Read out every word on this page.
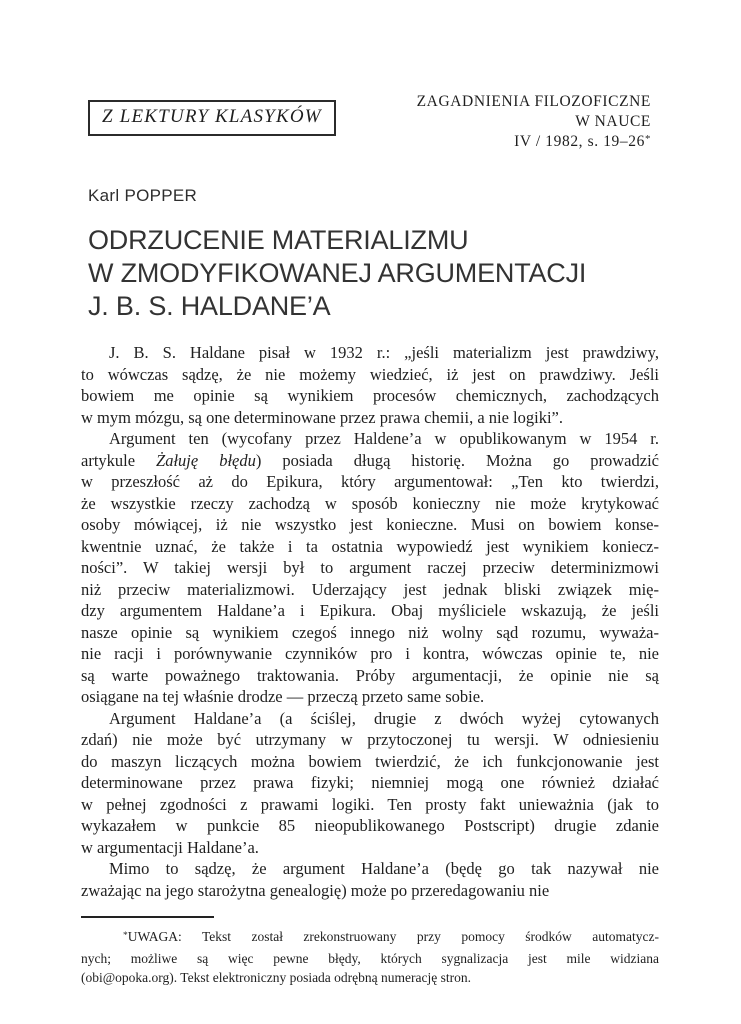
Z LEKTURY KLASYKÓW
ZAGADNIENIA FILOZOFICZNE
W NAUCE
IV / 1982, s. 19–26*
Karl POPPER
ODRZUCENIE MATERIALIZMU
W ZMODYFIKOWANEJ ARGUMENTACJI
J. B. S. HALDANE’A
J. B. S. Haldane pisał w 1932 r.: „jeśli materializm jest prawdziwy,
to wówczas sądzę, że nie możemy wiedzieć, iż jest on prawdziwy. Jeśli
bowiem me opinie są wynikiem procesów chemicznych, zachodzących
w mym mózgu, są one determinowane przez prawa chemii, a nie logiki”.
Argument ten (wycofany przez Haldene’a w opublikowanym w 1954 r.
artykule Żałuję błędu) posiada długą historię. Można go prowadzić
w przeszłość aż do Epikura, który argumentował: „Ten kto twierdzi,
że wszystkie rzeczy zachodzą w sposób konieczny nie może krytykować
osoby mówiącej, iż nie wszystko jest konieczne. Musi on bowiem konse-
kwentnie uznać, że także i ta ostatnia wypowiedź jest wynikiem koniecz-
ności”. W takiej wersji był to argument raczej przeciw determinizmowi
niż przeciw materializmowi. Uderzający jest jednak bliski związek mię-
dzy argumentem Haldane’a i Epikura. Obaj myśliciele wskazują, że jeśli
nasze opinie są wynikiem czegoś innego niż wolny sąd rozumu, wyważa-
nie racji i porównywanie czynników pro i kontra, wówczas opinie te, nie
są warte poważnego traktowania. Próby argumentacji, że opinie nie są
osiągane na tej właśnie drodze — przeczą przeto same sobie.
Argument Haldane’a (a ściślej, drugie z dwóch wyżej cytowanych
zdań) nie może być utrzymany w przytoczonej tu wersji. W odniesieniu
do maszyn liczących można bowiem twierdzić, że ich funkcjonowanie jest
determinowane przez prawa fizyki; niemniej mogą one również działać
w pełnej zgodności z prawami logiki. Ten prosty fakt unieważnia (jak to
wykazałem w punkcie 85 nieopublikowanego Postscript) drugie zdanie
w argumentacji Haldane’a.
Mimo to sądzę, że argument Haldane’a (będę go tak nazywał nie
zważając na jego starożytna genealogię) może po przeredagowaniu nie
*UWAGA: Tekst został zrekonstruowany przy pomocy środków automatycz-
nych; możliwe są więc pewne błędy, których sygnalizacja jest mile widziana
(obi@opoka.org). Tekst elektroniczny posiada odrębną numerację stron.
